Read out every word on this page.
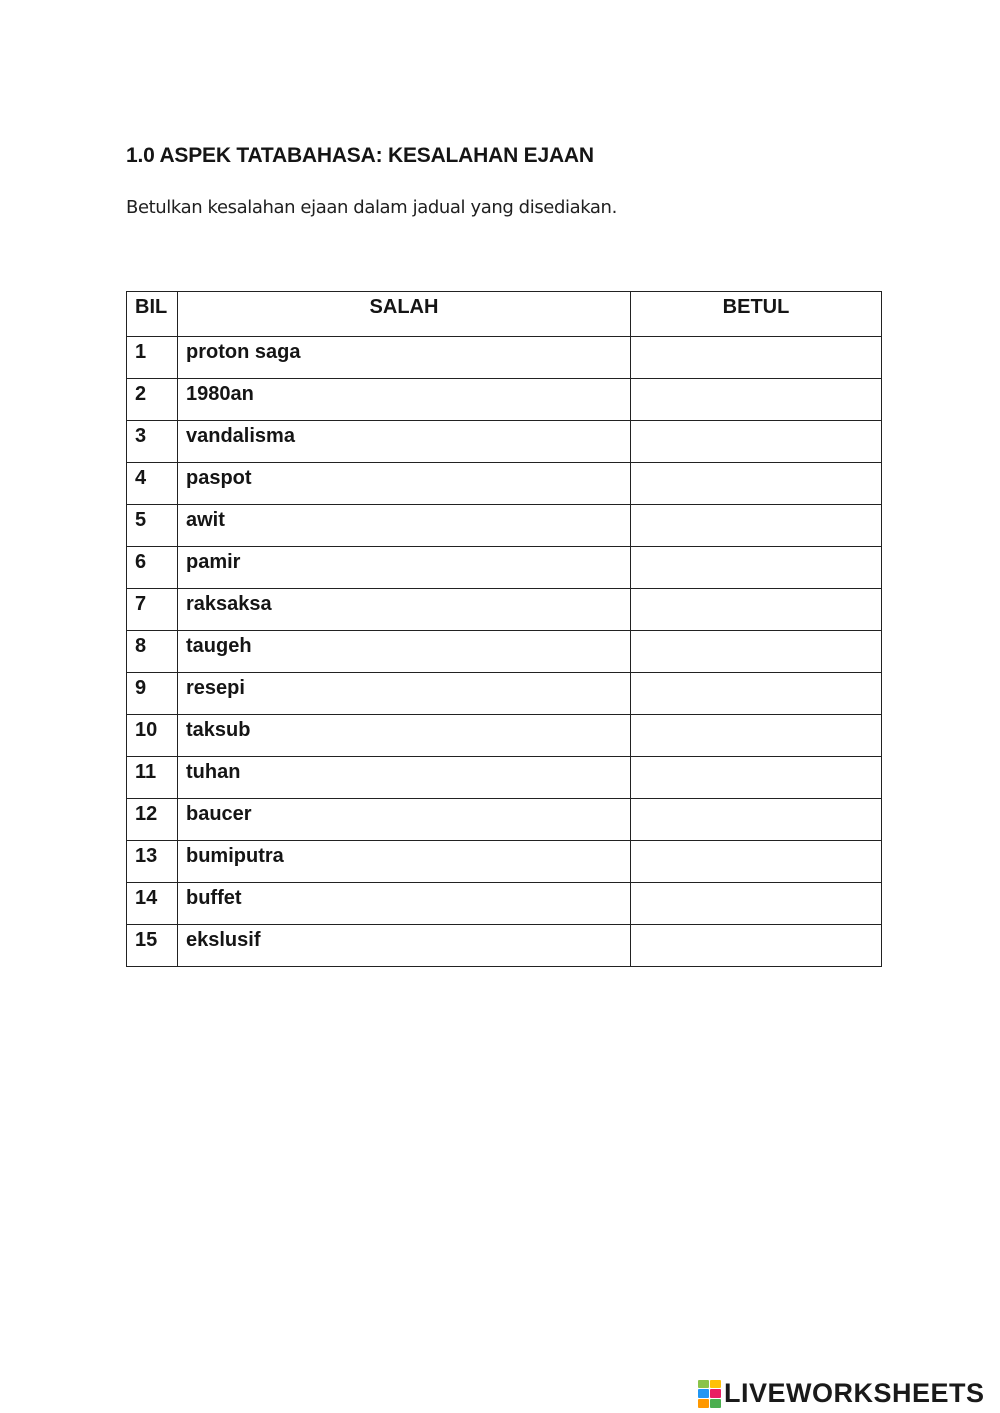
1.0 ASPEK TATABAHASA: KESALAHAN EJAAN
Betulkan kesalahan ejaan dalam jadual yang disediakan.
BIL	SALAH	BETUL
1	proton saga	
2	1980an	
3	vandalisma	
4	paspot	
5	awit	
6	pamir	
7	raksaksa	
8	taugeh	
9	resepi	
10	taksub	
11	tuhan	
12	baucer	
13	bumiputra	
14	buffet	
15	ekslusif	
LIVEWORKSHEETS
